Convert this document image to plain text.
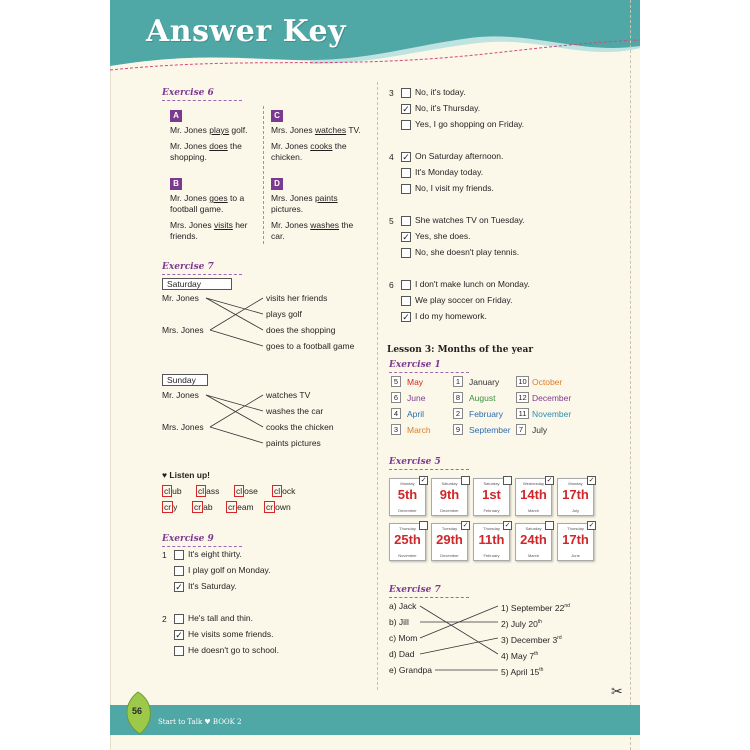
Answer Key
Exercise 6
A
Mr. Jones plays golf.
Mr. Jones does the
shopping.
B
Mr. Jones goes to a
football game.
Mrs. Jones visits her
friends.
C
Mrs. Jones watches TV.
Mr. Jones cooks the
chicken.
D
Mrs. Jones paints
pictures.
Mr. Jones washes the
car.
Exercise 7
Saturday
Mr. Jones
Mrs. Jones
visits her friends
plays golf
does the shopping
goes to a football game
Sunday
Mr. Jones
Mrs. Jones
watches TV
washes the car
cooks the chicken
paints pictures
♥ Listen up!
cl ub cl ass cl ose cl ock
cr y cr ab cr eam cr own
Exercise 9
1	It's eight thirty.
I play golf on Monday.
✓ It's Saturday.
2	He's tall and thin.
✓ He visits some friends.
He doesn't go to school.
3	No, it's today.
✓ No, it's Thursday.
Yes, I go shopping on Friday.
4 ✓ On Saturday afternoon.
It's Monday today.
No, I visit my friends.
5	She watches TV on Tuesday.
✓ Yes, she does.
No, she doesn't play tennis.
6	I don't make lunch on Monday.
We play soccer on Friday.
✓ I do my homework.
Lesson 3: Months of the year
Exercise 1
5	May	1	January	10 October
6	June	8	August	12 December
4	April	2	February	11 November
3	March	9	September	7	July
Exercise 5
Monday
5th
December
✓	Saturday
9th
December
Saturday
1st
February
Wednesday
14th
March
✓	Monday
17th
July
✓
Thursday
25th
November
Tuesday
29th
December
✓	Thursday
11th
February
✓	Saturday
24th
March
Thursday
17th
June
✓
Exercise 7
a) Jack
b) Jill
c) Mom
d) Dad
e) Grandpa
1) September 22nd
2) July 20th
3) December 3rd
4) May 7th
5) April 15th
✂
56
Start to Talk ♥ BOOK 2
